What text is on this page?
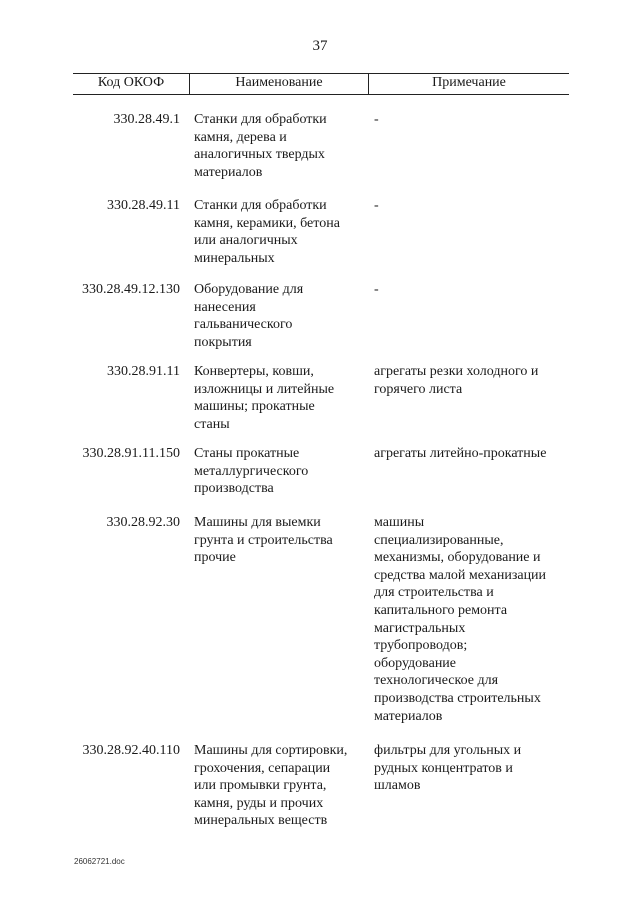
37
Код ОКОФ	Наименование	Примечание
330.28.49.1 Станки для обработки
камня, дерева и
аналогичных твердых
материалов
-
330.28.49.11 Станки для обработки
камня, керамики, бетона
или аналогичных
минеральных
-
330.28.49.12.130 Оборудование для
нанесения
гальванического
покрытия
-
330.28.91.11 Конвертеры, ковши,
изложницы и литейные
машины; прокатные
станы
агрегаты резки холодного и
горячего листа
330.28.91.11.150 Станы прокатные
металлургического
производства
агрегаты литейно-прокатные
330.28.92.30 Машины для выемки
грунта и строительства
прочие
машины
специализированные,
механизмы, оборудование и
средства малой механизации
для строительства и
капитального ремонта
магистральных
трубопроводов;
оборудование
технологическое для
производства строительных
материалов
330.28.92.40.110 Машины для сортировки,
грохочения, сепарации
или промывки грунта,
камня, руды и прочих
минеральных веществ
фильтры для угольных и
рудных концентратов и
шламов
26062721.doc
